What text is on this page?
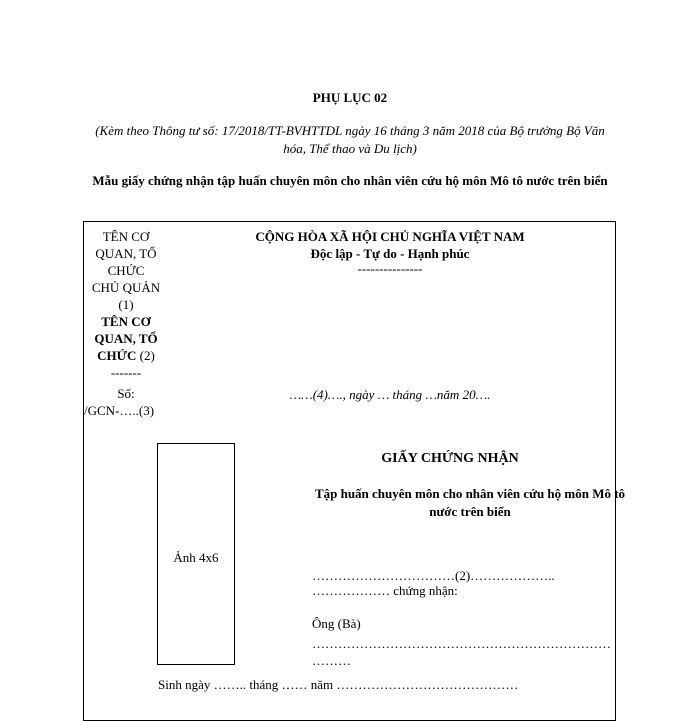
PHỤ LỤC 02
(Kèm theo Thông tư số: 17/2018/TT-BVHTTDL ngày 16 tháng 3 năm 2018 của Bộ trưởng Bộ Văn hóa, Thể thao và Du lịch)
Mẫu giấy chứng nhận tập huấn chuyên môn cho nhân viên cứu hộ môn Mô tô nước trên biển
TÊN CƠ
QUAN, TỔ
CHỨC
CHỦ QUẢN
(1)
TÊN CƠ
QUAN, TỔ
CHỨC (2)
-------
Số:
/GCN-…..(3)
CỘNG HÒA XÃ HỘI CHỦ NGHĨA VIỆT NAM
Độc lập - Tự do - Hạnh phúc
---------------
……(4)…., ngày … tháng …năm 20….
Ảnh 4x6
GIẤY CHỨNG NHẬN
Tập huấn chuyên môn cho nhân viên cứu hộ môn Mô tô nước trên biển
……………………………(2)………………..
……………… chứng nhận:
Ông (Bà)
……………………………………………………………
………
Sinh ngày …….. tháng …… năm ……………………………………
